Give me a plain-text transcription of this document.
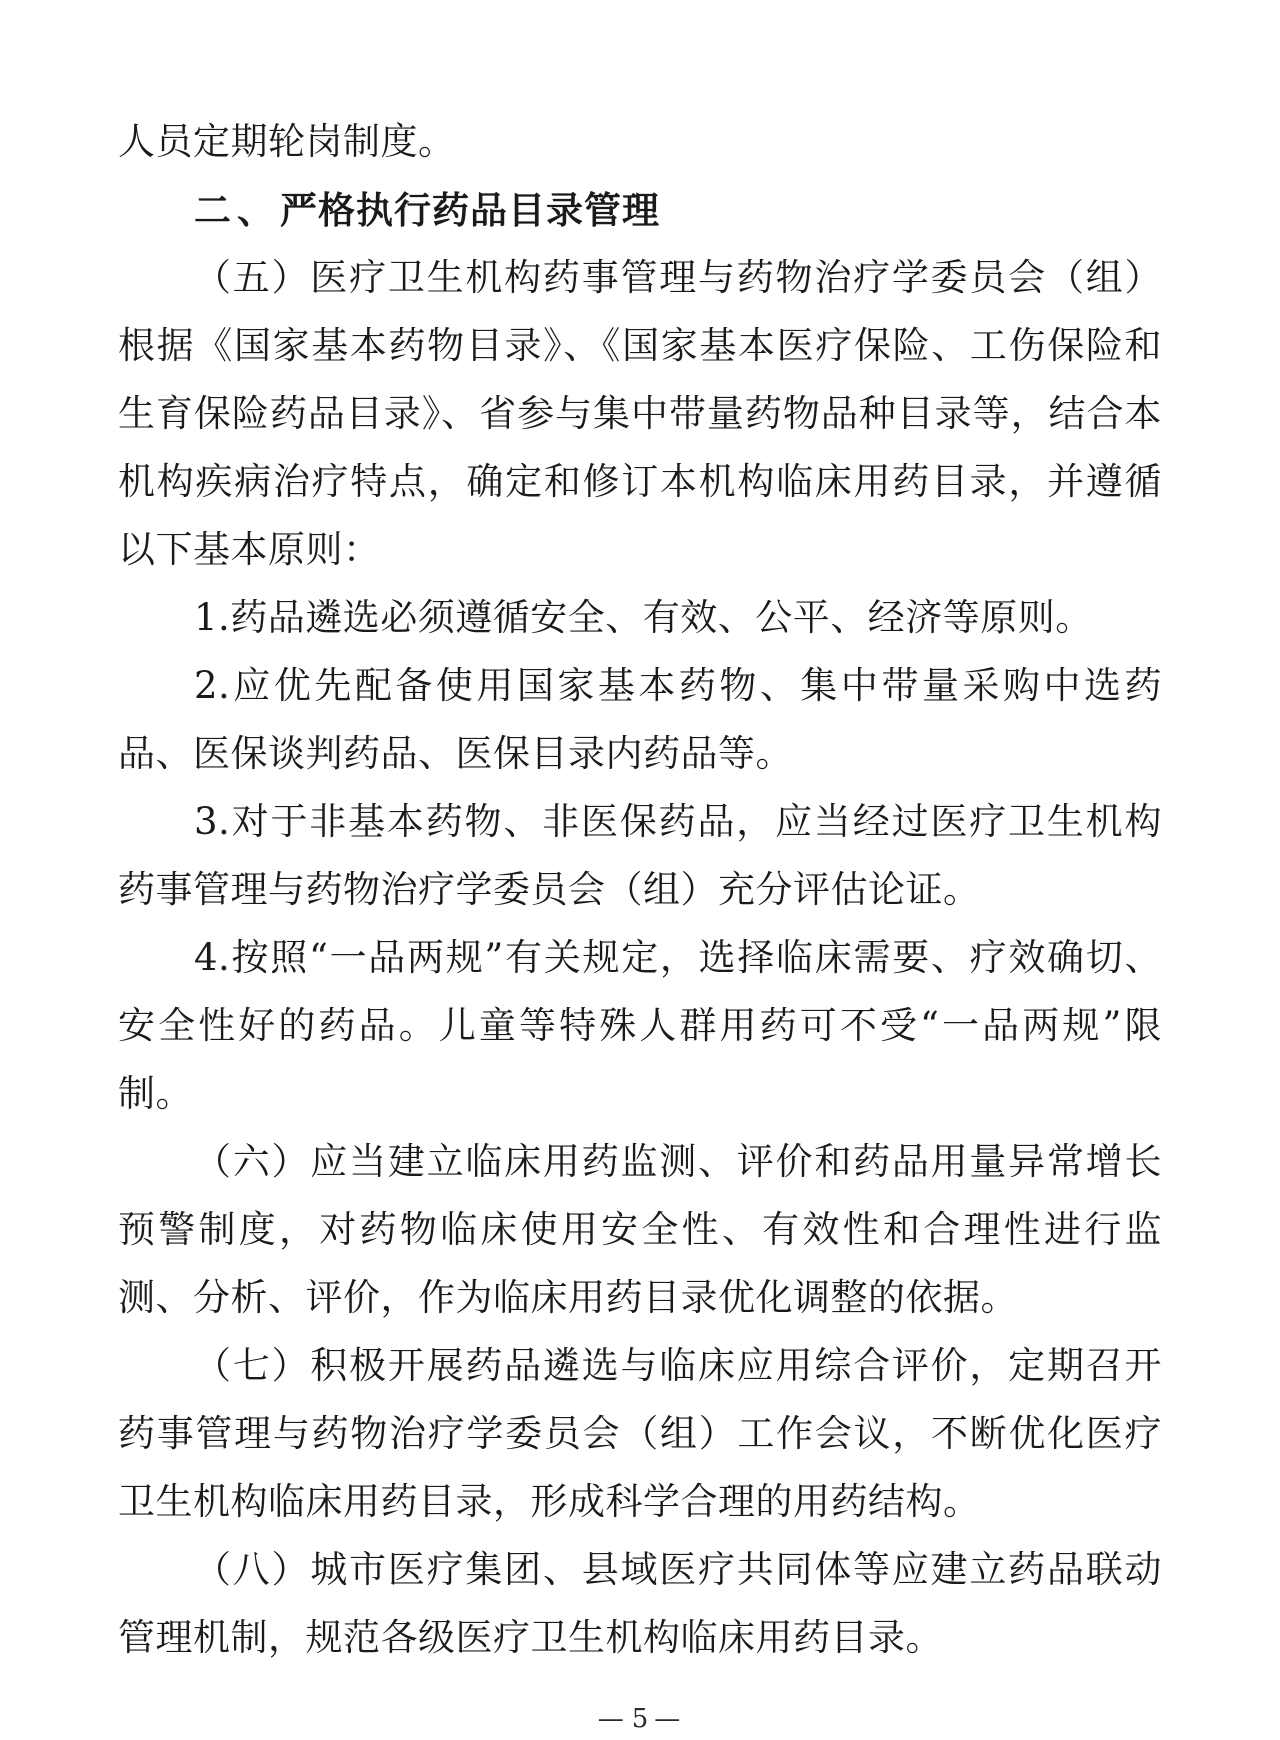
人员定期轮岗制度。

二、严格执行药品目录管理

（五）医疗卫生机构药事管理与药物治疗学委员会（组）根据《国家基本药物目录》、《国家基本医疗保险、工伤保险和生育保险药品目录》、省参与集中带量药物品种目录等，结合本机构疾病治疗特点，确定和修订本机构临床用药目录，并遵循以下基本原则：

1.药品遴选必须遵循安全、有效、公平、经济等原则。

2.应优先配备使用国家基本药物、集中带量采购中选药品、医保谈判药品、医保目录内药品等。

3.对于非基本药物、非医保药品，应当经过医疗卫生机构药事管理与药物治疗学委员会（组）充分评估论证。

4.按照“一品两规”有关规定，选择临床需要、疗效确切、安全性好的药品。儿童等特殊人群用药可不受“一品两规”限制。

（六）应当建立临床用药监测、评价和药品用量异常增长预警制度，对药物临床使用安全性、有效性和合理性进行监测、分析、评价，作为临床用药目录优化调整的依据。

（七）积极开展药品遴选与临床应用综合评价，定期召开药事管理与药物治疗学委员会（组）工作会议，不断优化医疗卫生机构临床用药目录，形成科学合理的用药结构。

（八）城市医疗集团、县域医疗共同体等应建立药品联动管理机制，规范各级医疗卫生机构临床用药目录。

— 5 —
